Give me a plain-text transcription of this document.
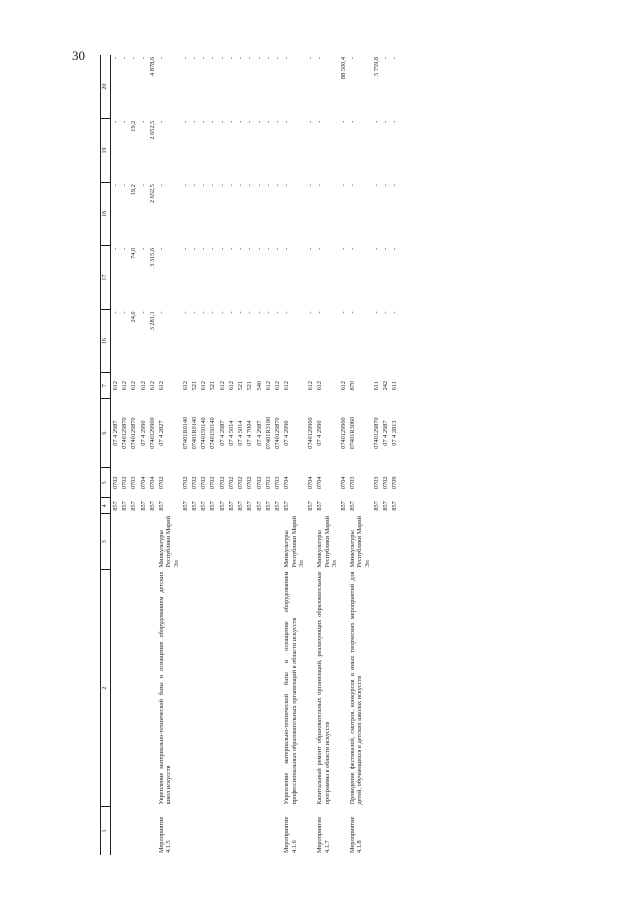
30
1	2	3	4	5	6	7	16	17	18	19	20
			857	0702	07 4 2987	612	-	-	-	-	-
			857	0702	0740129870	612	-	-	-	-	-
			857	0703	0740129870	612	24,0	74,0	19,2	19,2	-
			857	0704	07 4 2990	612	-	-	-	-	-
			857	0704	0740129900	612	3 281,1	3 315,6	2 652,5	2 652,5	4 878,6
Мероприятие 4.1.5	Укрепление материально-технической базы и оснащение оборудованием детских школ искусств	Минкультуры Республики Марий Эл	857	0702	07 4 2827	612	-	-	-	-	-
			857	0702	07401R0140	612	-	-	-	-	-
			857	0702	07401R0140	521	-	-	-	-	-
			857	0702	0740150140	612	-	-	-	-	-
			857	0702	0740150140	521	-	-	-	-	-
			857	0702	07 4 2987	612	-	-	-	-	-
			857	0702	07 4 5014	612	-	-	-	-	-
			857	0702	07 4 5014	521	-	-	-	-	-
			857	0702	07 4 7004	521	-	-	-	-	-
			857	0702	07 4 2987	540	-	-	-	-	-
			857	0703	07401R3190	612	-	-	-	-	-
			857	0703	0740129870	612	-	-	-	-	-
Мероприятие 4.1.6	Укрепление материально-технической базы и оснащение оборудованием профессиональных образовательных организаций в области искусств	Минкультуры Республики Марий Эл	857	0704	07 4 2990	612	-	-	-	-	-
			857	0704	0740129900	612	-	-	-	-	-
Мероприятие 4.1.7	Капитальный ремонт образовательных организаций, реализующих образовательные программы в области искусств	Минкультуры Республики Марий Эл	857	0704	07 4 2990	612	-	-	-	-	-
			857	0704	0740129900	612	-	-	-	-	88 500,4
Мероприятие 4.1.8	Проведение фестивалей, смотров, конкурсов и иных творческих мероприятий для детей, обучающихся в детских школах искусств	Минкультуры Республики Марий Эл	857	0703	07401R3060	870	-	-	-	-	-
			857	0703	0740129870	611	-	-	-	-	5 759,8
			857	0702	07 4 2987	242	-	-	-	-	-
			857	0709	07 4 2813	611	-	-	-	-	-
